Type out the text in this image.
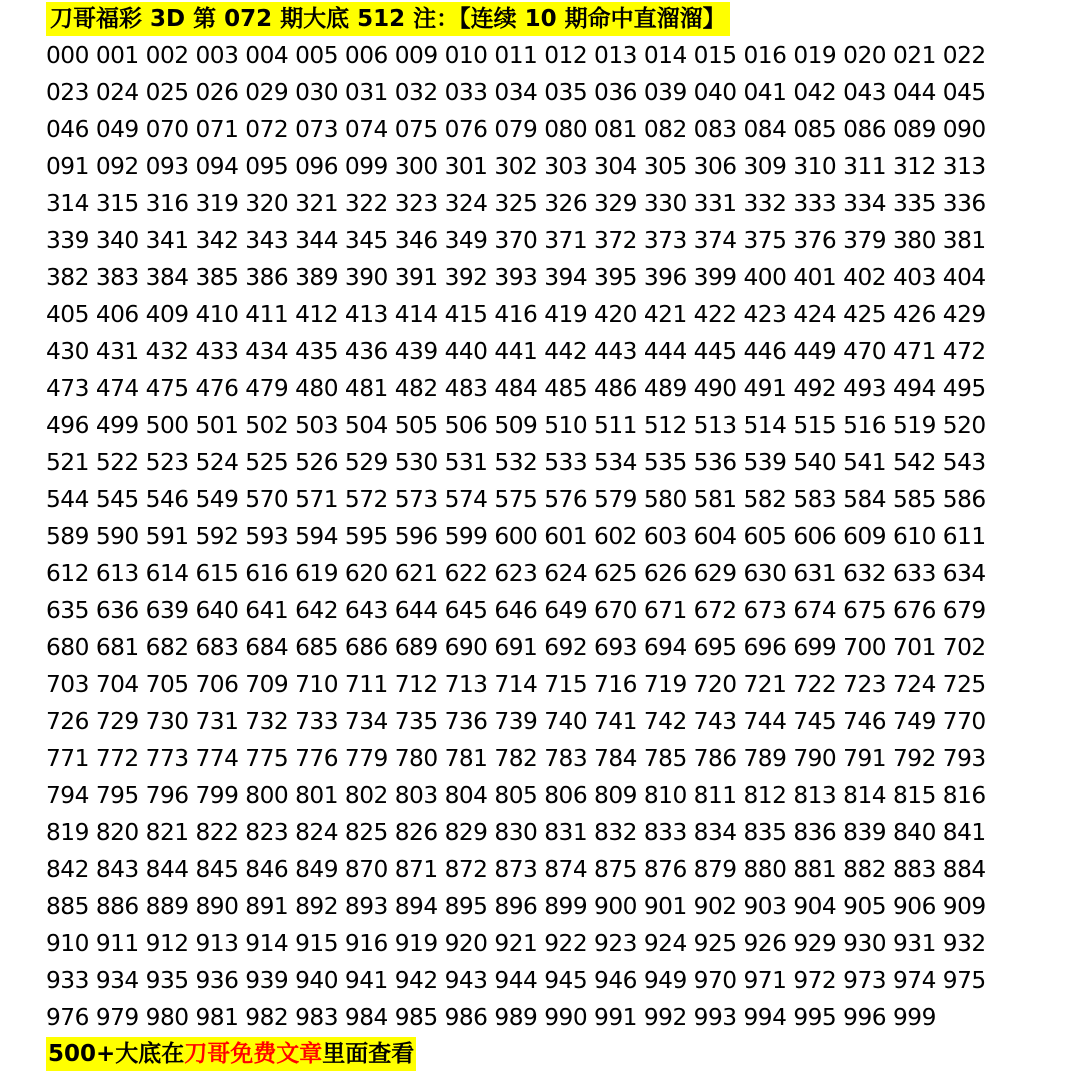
刀哥福彩 3D 第 072 期大底 512 注：【连续 10 期命中直溜溜】
000 001 002 003 004 005 006 009 010 011 012 013 014 015 016 019 020 021 022
023 024 025 026 029 030 031 032 033 034 035 036 039 040 041 042 043 044 045
046 049 070 071 072 073 074 075 076 079 080 081 082 083 084 085 086 089 090
091 092 093 094 095 096 099 300 301 302 303 304 305 306 309 310 311 312 313
314 315 316 319 320 321 322 323 324 325 326 329 330 331 332 333 334 335 336
339 340 341 342 343 344 345 346 349 370 371 372 373 374 375 376 379 380 381
382 383 384 385 386 389 390 391 392 393 394 395 396 399 400 401 402 403 404
405 406 409 410 411 412 413 414 415 416 419 420 421 422 423 424 425 426 429
430 431 432 433 434 435 436 439 440 441 442 443 444 445 446 449 470 471 472
473 474 475 476 479 480 481 482 483 484 485 486 489 490 491 492 493 494 495
496 499 500 501 502 503 504 505 506 509 510 511 512 513 514 515 516 519 520
521 522 523 524 525 526 529 530 531 532 533 534 535 536 539 540 541 542 543
544 545 546 549 570 571 572 573 574 575 576 579 580 581 582 583 584 585 586
589 590 591 592 593 594 595 596 599 600 601 602 603 604 605 606 609 610 611
612 613 614 615 616 619 620 621 622 623 624 625 626 629 630 631 632 633 634
635 636 639 640 641 642 643 644 645 646 649 670 671 672 673 674 675 676 679
680 681 682 683 684 685 686 689 690 691 692 693 694 695 696 699 700 701 702
703 704 705 706 709 710 711 712 713 714 715 716 719 720 721 722 723 724 725
726 729 730 731 732 733 734 735 736 739 740 741 742 743 744 745 746 749 770
771 772 773 774 775 776 779 780 781 782 783 784 785 786 789 790 791 792 793
794 795 796 799 800 801 802 803 804 805 806 809 810 811 812 813 814 815 816
819 820 821 822 823 824 825 826 829 830 831 832 833 834 835 836 839 840 841
842 843 844 845 846 849 870 871 872 873 874 875 876 879 880 881 882 883 884
885 886 889 890 891 892 893 894 895 896 899 900 901 902 903 904 905 906 909
910 911 912 913 914 915 916 919 920 921 922 923 924 925 926 929 930 931 932
933 934 935 936 939 940 941 942 943 944 945 946 949 970 971 972 973 974 975
976 979 980 981 982 983 984 985 986 989 990 991 992 993 994 995 996 999
500+大底在刀哥免费文章里面查看
